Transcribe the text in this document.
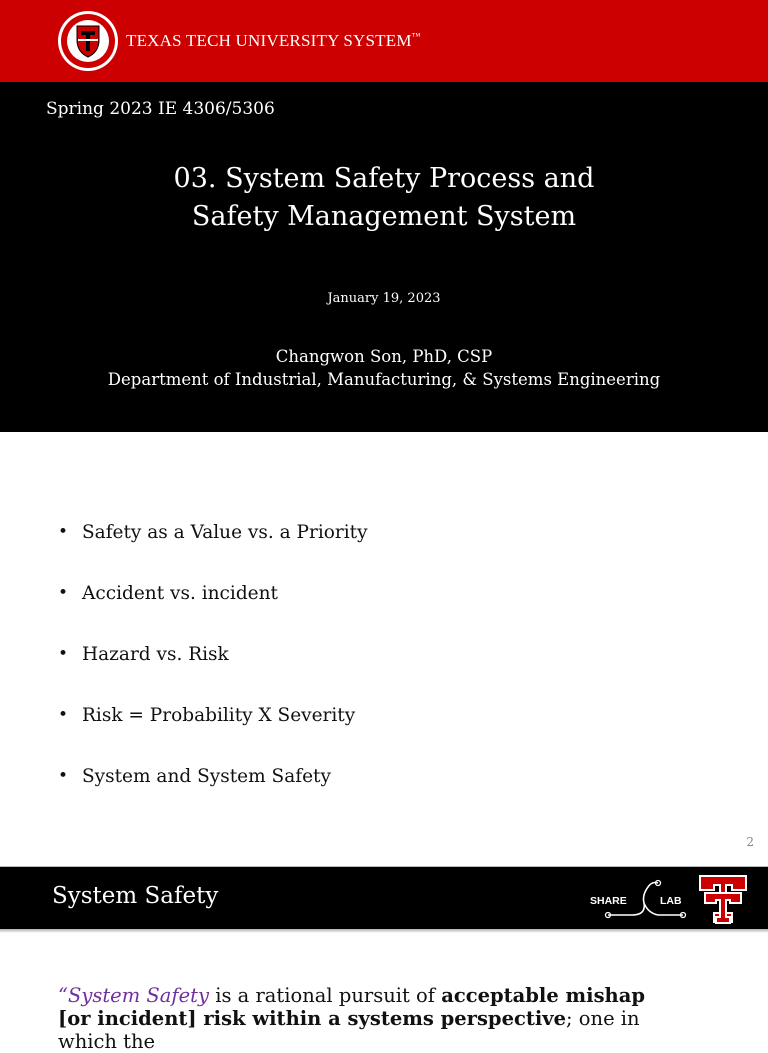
TEXAS TECH UNIVERSITY SYSTEM™
Spring 2023 IE 4306/5306
03. System Safety Process and
Safety Management System
January 19, 2023
Changwon Son, PhD, CSP
Department of Industrial, Manufacturing, & Systems Engineering
• Safety as a Value vs. a Priority
• Accident vs. incident
• Hazard vs. Risk
• Risk = Probability X Severity
• System and System Safety
2
“System Safety is a rational pursuit of acceptable mishap [or incident] risk within a systems perspective; one in which the
System Safety	SHARE	LAB
